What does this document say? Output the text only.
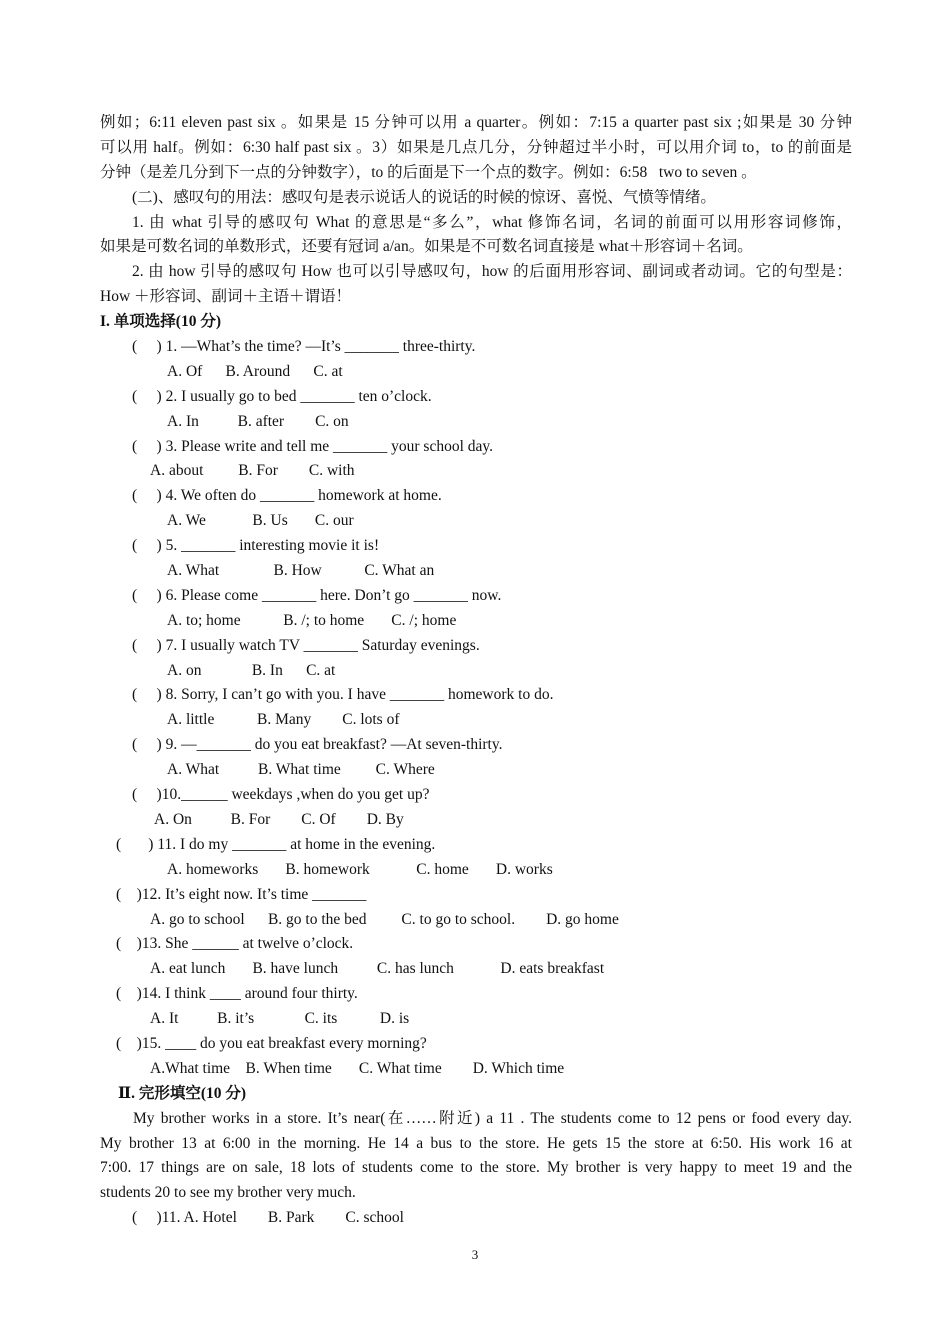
例如；6:11 eleven past six 。如果是 15 分钟可以用 a quarter。例如：7:15 a quarter past six ;如果是 30 分钟
可以用 half。例如：6:30 half past six 。3）如果是几点几分，分钟超过半小时，可以用介词 to，to 的前面是
分钟（是差几分到下一点的分钟数字），to 的后面是下一个点的数字。例如：6:58   two to seven 。
(二)、感叹句的用法：感叹句是表示说话人的说话的时候的惊讶、喜悦、气愤等情绪。
1. 由 what 引导的感叹句 What 的意思是“多么”，what 修饰名词，名词的前面可以用形容词修饰，
如果是可数名词的单数形式，还要有冠词 a/an。如果是不可数名词直接是 what＋形容词＋名词。
2. 由 how 引导的感叹句 How 也可以引导感叹句，how 的后面用形容词、副词或者动词。它的句型是：
How ＋形容词、副词＋主语＋谓语！
I. 单项选择(10 分)
(     ) 1. —What’s the time? —It’s _______ three-thirty.
A. Of      B. Around      C. at
(     ) 2. I usually go to bed _______ ten o’clock.
A. In          B. after        C. on
(     ) 3. Please write and tell me _______ your school day.
A. about         B. For        C. with
(     ) 4. We often do _______ homework at home.
A. We            B. Us       C. our
(     ) 5. _______ interesting movie it is!
A. What              B. How           C. What an
(     ) 6. Please come _______ here. Don’t go _______ now.
A. to; home           B. /; to home       C. /; home
(     ) 7. I usually watch TV _______ Saturday evenings.
A. on             B. In      C. at
(     ) 8. Sorry, I can’t go with you. I have _______ homework to do.
A. little           B. Many        C. lots of
(     ) 9. —_______ do you eat breakfast? —At seven-thirty.
A. What          B. What time         C. Where
(     )10.______ weekdays ,when do you get up?
A. On          B. For        C. Of        D. By
(       ) 11. I do my _______ at home in the evening.
A. homeworks       B. homework            C. home       D. works
(    )12. It’s eight now. It’s time _______
A. go to school      B. go to the bed         C. to go to school.        D. go home
(    )13. She ______ at twelve o’clock.
A. eat lunch       B. have lunch          C. has lunch            D. eats breakfast
(    )14. I think ____ around four thirty.
A. It          B. it’s             C. its           D. is
(    )15. ____ do you eat breakfast every morning?
A.What time    B. When time       C. What time        D. Which time
Ⅱ. 完形填空(10 分)
My brother works in a store. It’s near(在……附近) a 11 . The students come to 12 pens or food every day.
My brother 13 at 6:00 in the morning. He 14 a bus to the store. He gets 15 the store at 6:50. His work 16 at
7:00. 17 things are on sale, 18 lots of students come to the store. My brother is very happy to meet 19 and the
students 20 to see my brother very much.
(     )11. A. Hotel        B. Park        C. school
3
